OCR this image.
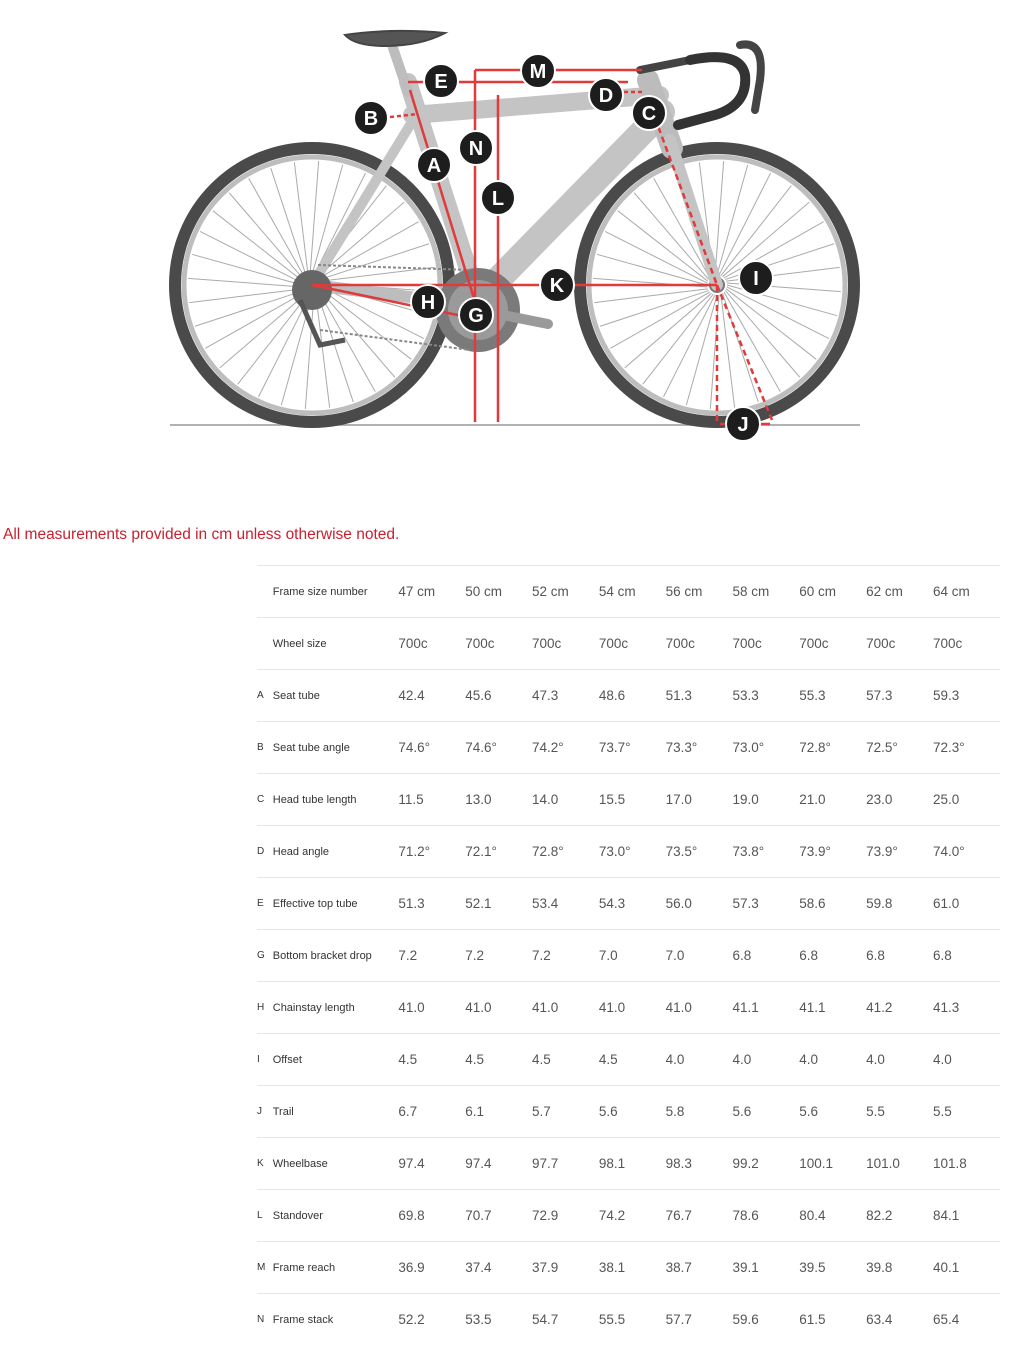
A
B	C
D
E
G
H
I
J
K
L
M
N
All measurements provided in cm unless otherwise noted.
	Frame size number	47 cm	50 cm	52 cm	54 cm	56 cm	58 cm	60 cm	62 cm	64 cm
	Wheel size	700c	700c	700c	700c	700c	700c	700c	700c	700c
A	Seat tube	42.4	45.6	47.3	48.6	51.3	53.3	55.3	57.3	59.3
B	Seat tube angle	74.6°	74.6°	74.2°	73.7°	73.3°	73.0°	72.8°	72.5°	72.3°
C	Head tube length	11.5	13.0	14.0	15.5	17.0	19.0	21.0	23.0	25.0
D	Head angle	71.2°	72.1°	72.8°	73.0°	73.5°	73.8°	73.9°	73.9°	74.0°
E	Effective top tube	51.3	52.1	53.4	54.3	56.0	57.3	58.6	59.8	61.0
G	Bottom bracket drop	7.2	7.2	7.2	7.0	7.0	6.8	6.8	6.8	6.8
H	Chainstay length	41.0	41.0	41.0	41.0	41.0	41.1	41.1	41.2	41.3
I	Offset	4.5	4.5	4.5	4.5	4.0	4.0	4.0	4.0	4.0
J	Trail	6.7	6.1	5.7	5.6	5.8	5.6	5.6	5.5	5.5
K	Wheelbase	97.4	97.4	97.7	98.1	98.3	99.2	100.1	101.0	101.8
L	Standover	69.8	70.7	72.9	74.2	76.7	78.6	80.4	82.2	84.1
M	Frame reach	36.9	37.4	37.9	38.1	38.7	39.1	39.5	39.8	40.1
N	Frame stack	52.2	53.5	54.7	55.5	57.7	59.6	61.5	63.4	65.4
